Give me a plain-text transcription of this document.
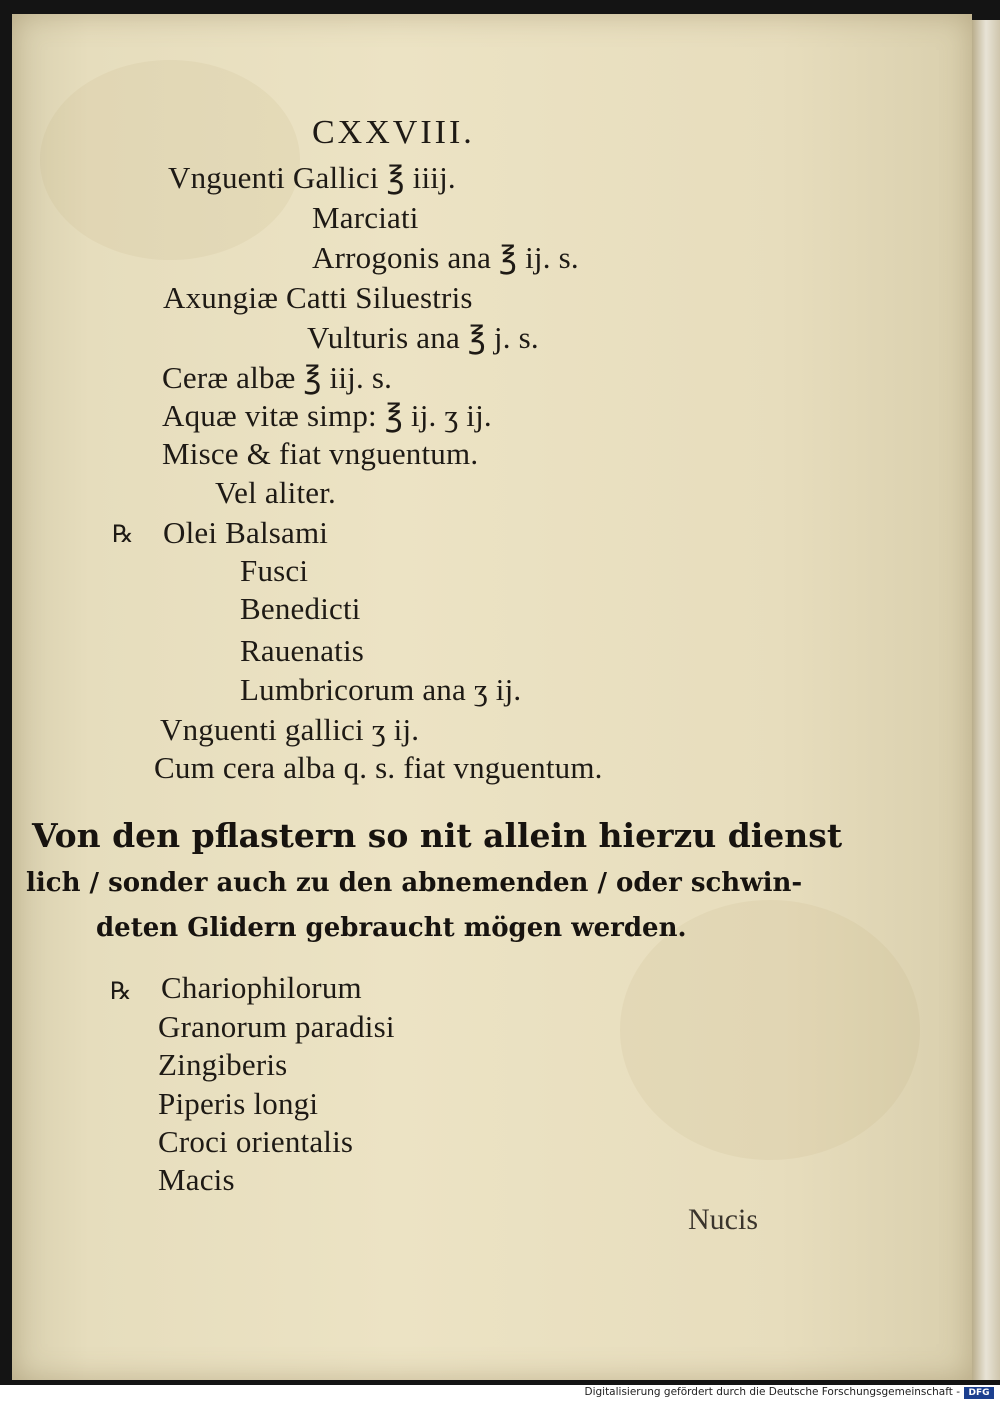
CXXVIII.
Vnguenti Gallici ℥ iiij.
Marciati
Arrogonis ana ℥ ij. s.
Axungiæ Catti Siluestris
Vulturis ana ℥ j. s.
Ceræ albæ ℥ iij. s.
Aquæ vitæ simp: ℥ ij. ʒ ij.
Misce & fiat vnguentum.
Vel aliter.
℞ Olei Balsami
Fusci
Benedicti
Rauenatis
Lumbricorum ana ʒ ij.
Vnguenti gallici ʒ ij.
Cum cera alba q. s. fiat vnguentum.
Von den pflastern so nit allein hierzu dienst
lich / sonder auch zu den abnemenden / oder schwin-
deten Glidern gebraucht mögen werden.
℞ Chariophilorum
Granorum paradisi
Zingiberis
Piperis longi
Croci orientalis
Macis
Nucis
Digitalisierung gefördert durch die Deutsche Forschungsgemeinschaft - DFG
